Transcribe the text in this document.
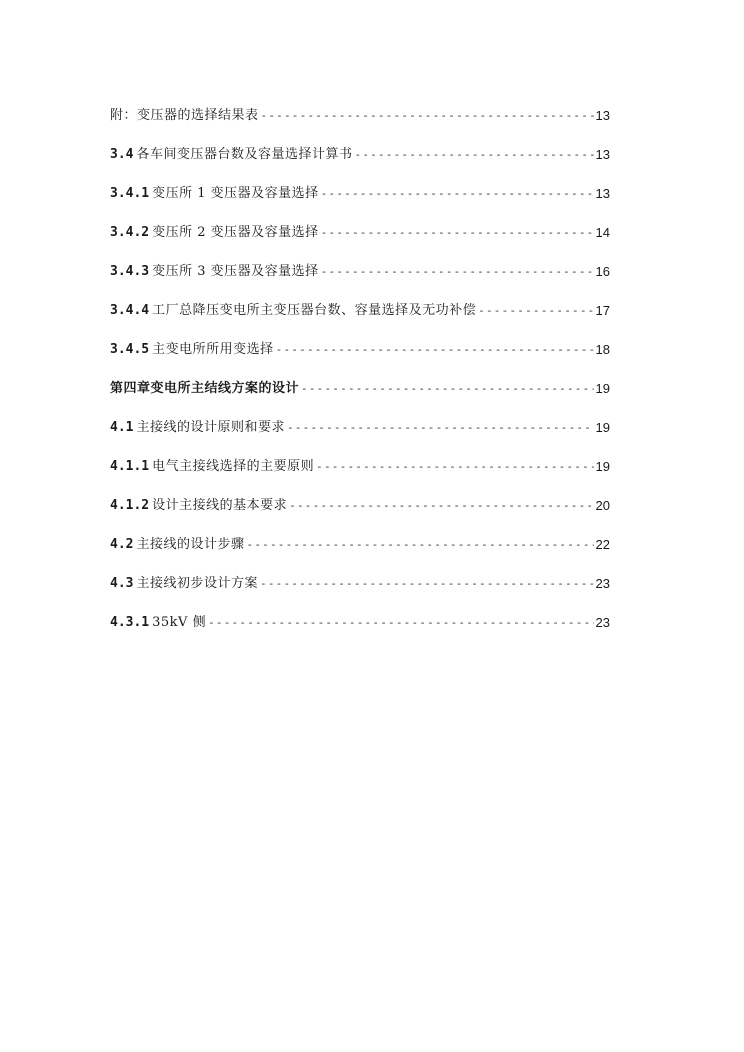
附：变压器的选择结果表 -----	13
3.4 各车间变压器台数及容量选择计算书 -----	13
3.4.1 变压所 1 变压器及容量选择 -----	13
3.4.2 变压所 2 变压器及容量选择 -----	14
3.4.3 变压所 3 变压器及容量选择 -----	16
3.4.4 工厂总降压变电所主变压器台数、容量选择及无功补偿 -----	17
3.4.5 主变电所所用变选择 -----	18
第四章变电所主结线方案的设计 -----	19
4.1 主接线的设计原则和要求 -----	19
4.1.1 电气主接线选择的主要原则 -----	19
4.1.2 设计主接线的基本要求 -----	20
4.2 主接线的设计步骤 -----	22
4.3 主接线初步设计方案 -----	23
4.3.1 35kV 侧 -----	23
